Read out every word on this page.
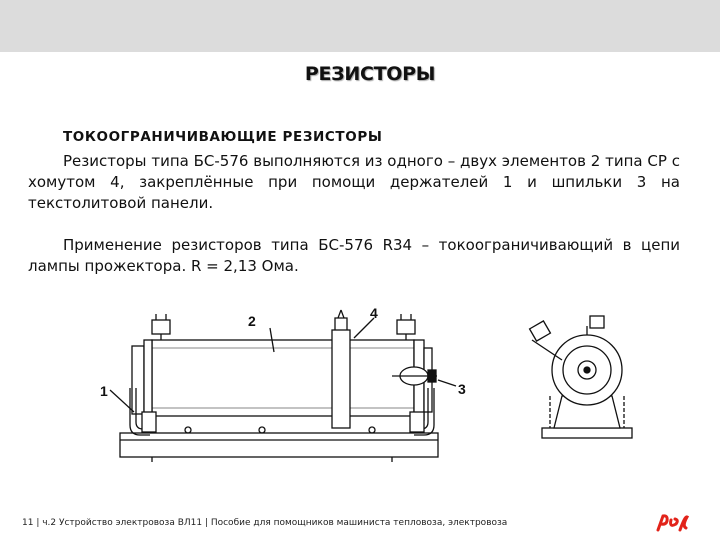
РЕЗИСТОРЫ
ТОКООГРАНИЧИВАЮЩИЕ РЕЗИСТОРЫ

Резисторы типа БС-576 выполняются из одного – двух элементов 2 типа СР с хомутом 4, закреплённые при помощи держателей 1 и шпильки 3 на текстолитовой панели.

Применение резисторов типа БС-576 R34 – токоограничивающий в цепи лампы прожектора. R = 2,13 Ома.

1
2
3
4
11 | ч.2 Устройство электровоза ВЛ11 | Пособие для помощников машиниста тепловоза, электровоза
